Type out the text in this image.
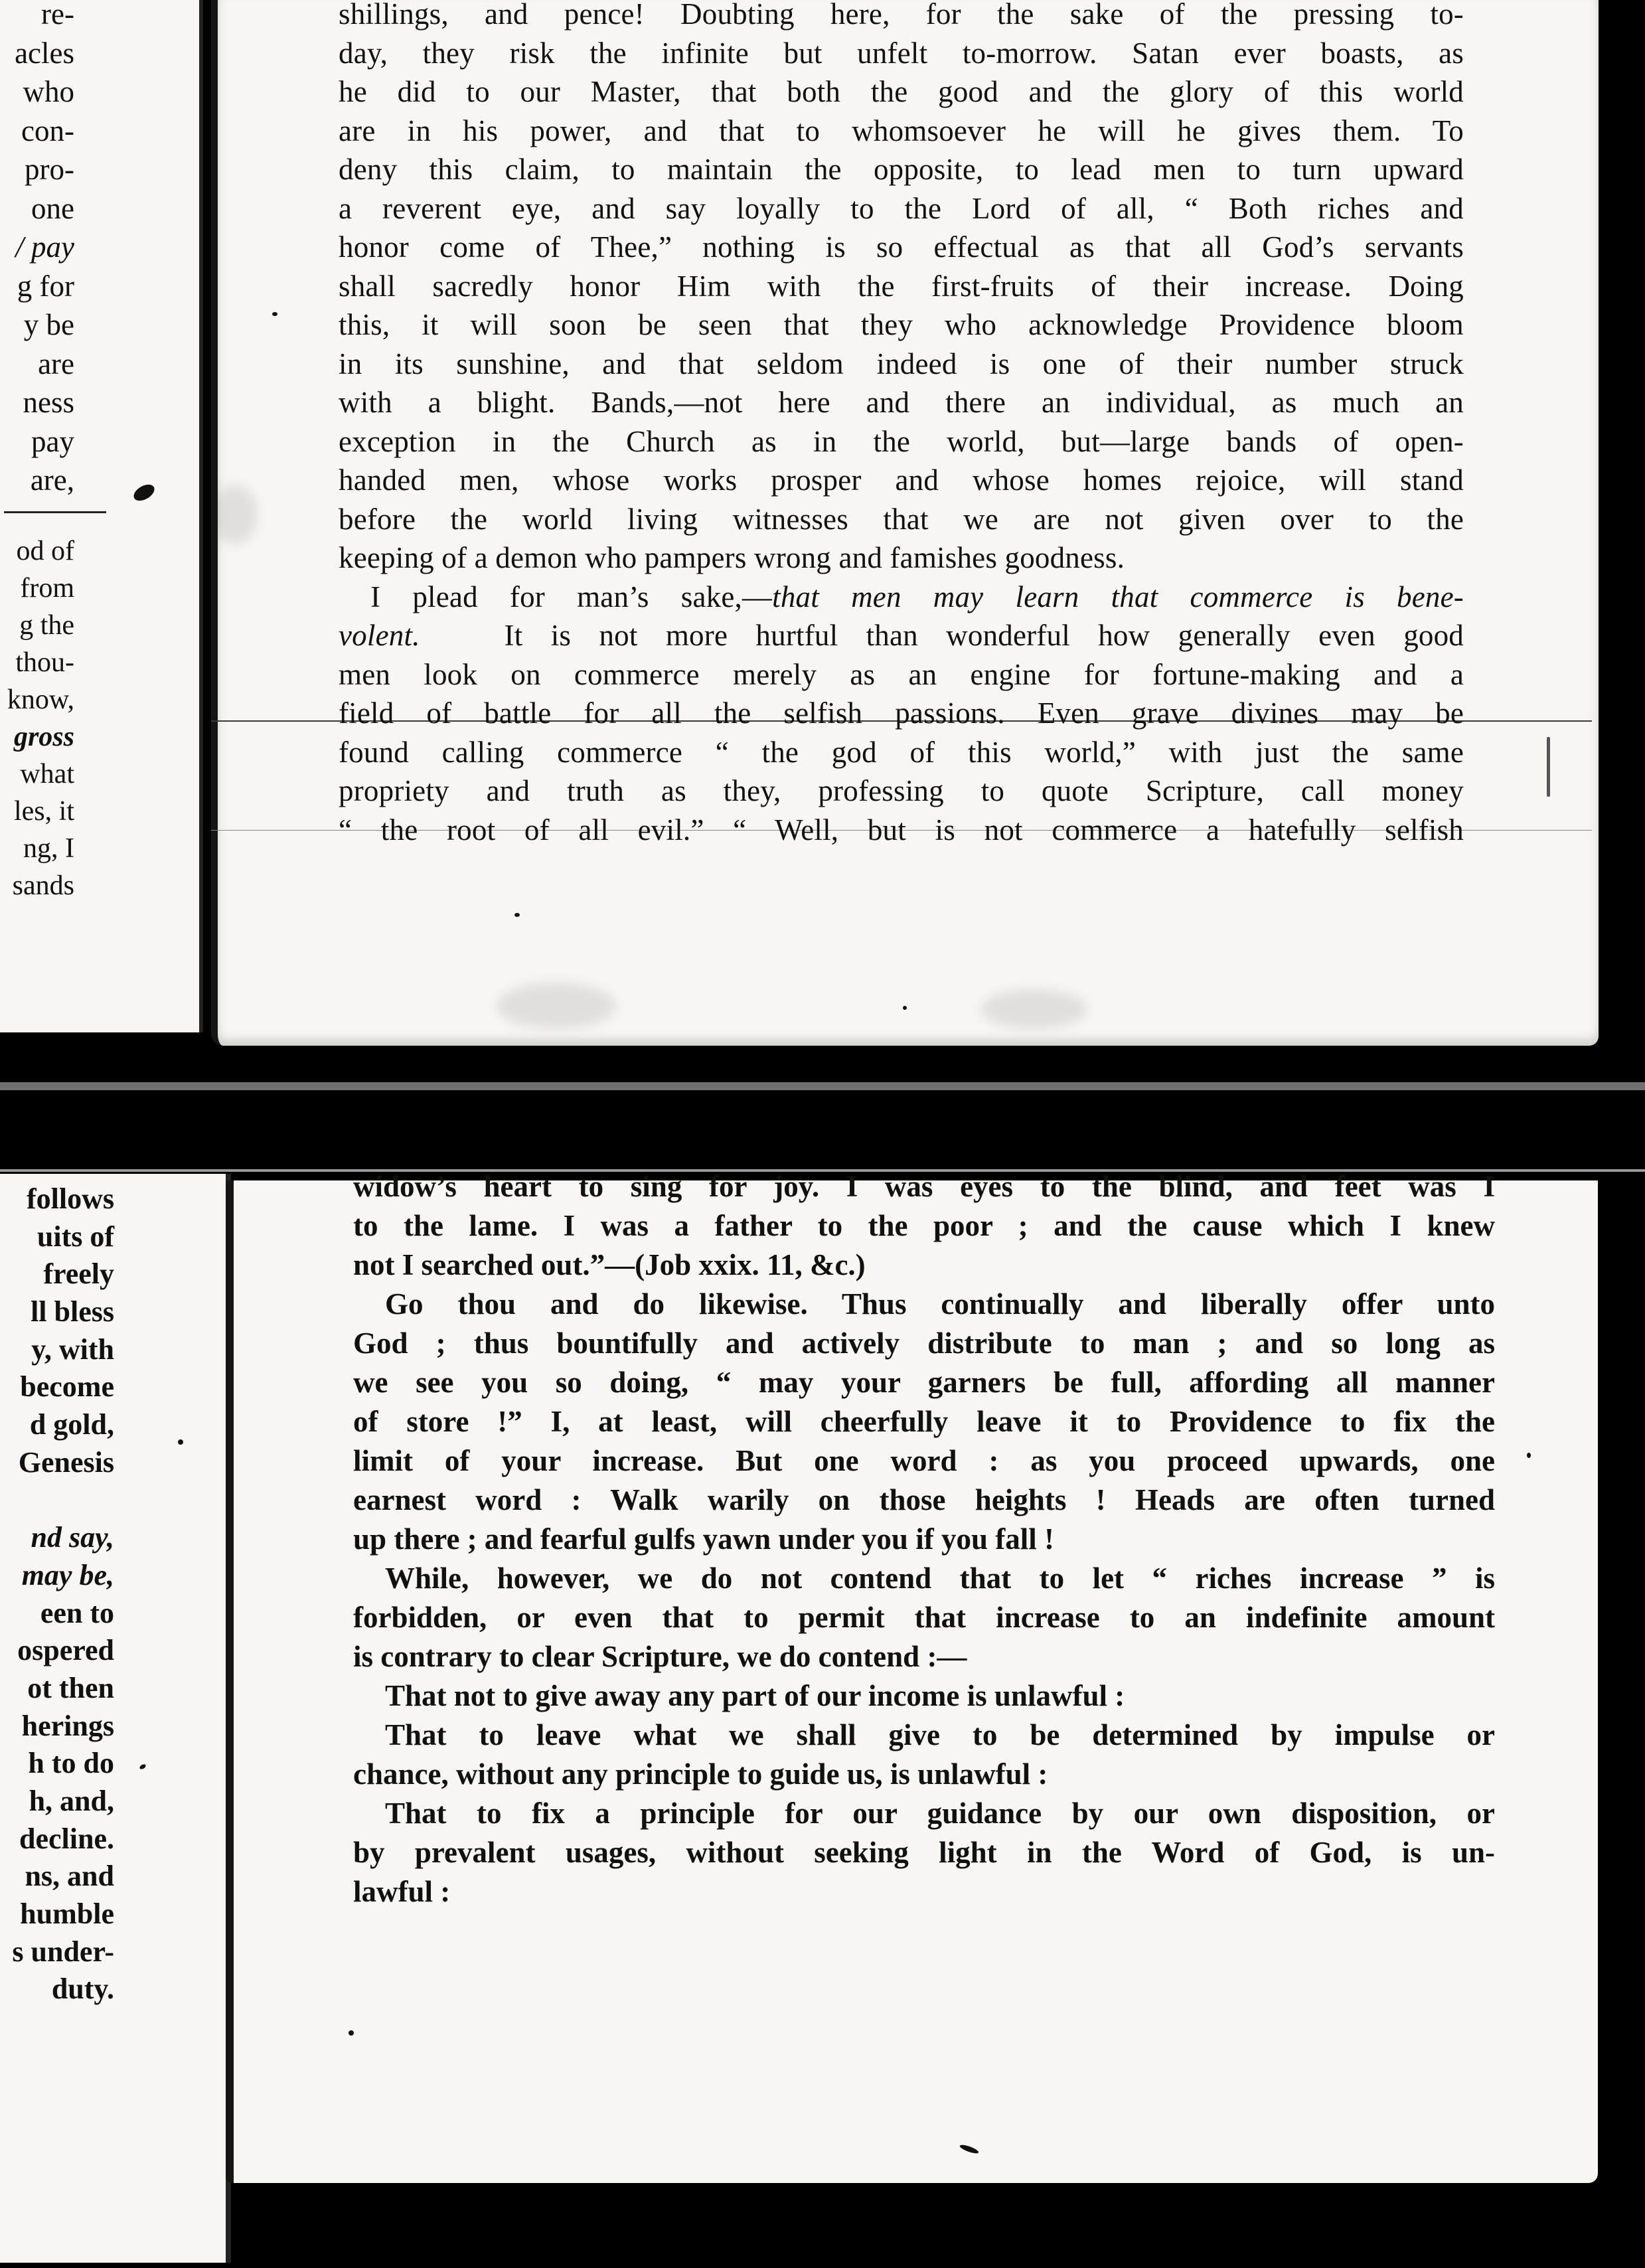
re-
acles
who
con-
pro-
one
/ pay
g for
y be
are
ness
pay
are,
od of
from
g the
thou-
know,
gross
what
les, it
ng, I
sands
shillings, and pence! Doubting here, for the sake of the pressing to-
day, they risk the infinite but unfelt to-morrow. Satan ever boasts, as
he did to our Master, that both the good and the glory of this world
are in his power, and that to whomsoever he will he gives them. To
deny this claim, to maintain the opposite, to lead men to turn upward
a reverent eye, and say loyally to the Lord of all, “ Both riches and
honor come of Thee,” nothing is so effectual as that all God’s servants
shall sacredly honor Him with the first-fruits of their increase. Doing
this, it will soon be seen that they who acknowledge Providence bloom
in its sunshine, and that seldom indeed is one of their number struck
with a blight. Bands,—not here and there an individual, as much an
exception in the Church as in the world, but—large bands of open-
handed men, whose works prosper and whose homes rejoice, will stand
before the world living witnesses that we are not given over to the
keeping of a demon who pampers wrong and famishes goodness.
I plead for man’s sake,—that men may learn that commerce is bene-
volent.	It is not more hurtful than wonderful how generally even good
men look on commerce merely as an engine for fortune-making and a
field of battle for all the selfish passions. Even grave divines may be
found calling commerce “ the god of this world,” with just the same
propriety and truth as they, professing to quote Scripture, call money
“ the root of all evil.” “ Well, but is not commerce a hatefully selfish
follows
uits of
freely
ll bless
y, with
become
d gold,
Genesis
nd say,
may be,
een to
ospered
ot then
herings
h to do
h, and,
decline.
ns, and
humble
s under-
duty.
widow’s heart to sing for joy. I was eyes to the blind, and feet was I
to the lame. I was a father to the poor ; and the cause which I knew
not I searched out.”—(Job xxix. 11, &c.)
Go thou and do likewise. Thus continually and liberally offer unto
God ; thus bountifully and actively distribute to man ; and so long as
we see you so doing, “ may your garners be full, affording all manner
of store !” I, at least, will cheerfully leave it to Providence to fix the
limit of your increase. But one word : as you proceed upwards, one
earnest word : Walk warily on those heights ! Heads are often turned
up there ; and fearful gulfs yawn under you if you fall !
While, however, we do not contend that to let “ riches increase ” is
forbidden, or even that to permit that increase to an indefinite amount
is contrary to clear Scripture, we do contend :—
That not to give away any part of our income is unlawful :
That to leave what we shall give to be determined by impulse or
chance, without any principle to guide us, is unlawful :
That to fix a principle for our guidance by our own disposition, or
by prevalent usages, without seeking light in the Word of God, is un-
lawful :
